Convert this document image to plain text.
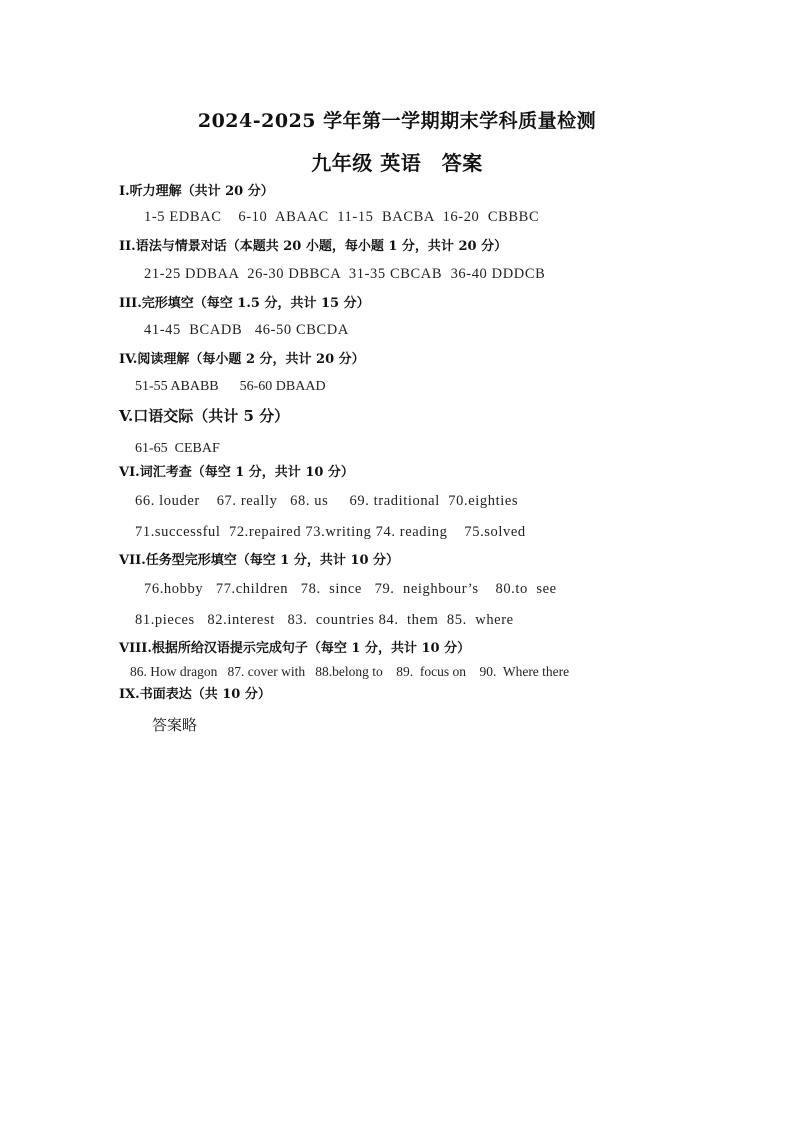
2024-2025 学年第一学期期末学科质量检测
九年级 英语　答案
I.听力理解（共计 20 分）
1-5 EDBAC    6-10  ABAAC  11-15  BACBA  16-20  CBBBC
II.语法与情景对话（本题共 20 小题，每小题 1 分，共计 20 分）
21-25 DDBAA  26-30 DBBCA  31-35 CBCAB  36-40 DDDCB
III.完形填空（每空 1.5 分，共计 15 分）
41-45  BCADB   46-50 CBCDA
IV.阅读理解（每小题 2 分，共计 20 分）
51-55 ABABB      56-60 DBAAD
V.口语交际（共计 5 分）
61-65  CEBAF
VI.词汇考查（每空 1 分，共计 10 分）
66. louder    67. really   68. us     69. traditional  70.eighties
71.successful  72.repaired 73.writing 74. reading    75.solved
VII.任务型完形填空（每空 1 分，共计 10 分）
76.hobby   77.children   78.  since   79.  neighbour’s    80.to  see
81.pieces   82.interest   83.  countries 84.  them  85.  where
VIII.根据所给汉语提示完成句子（每空 1 分，共计 10 分）
86. How dragon   87. cover with   88.belong to    89.  focus on    90.  Where there
IX.书面表达（共 10 分）
答案略
